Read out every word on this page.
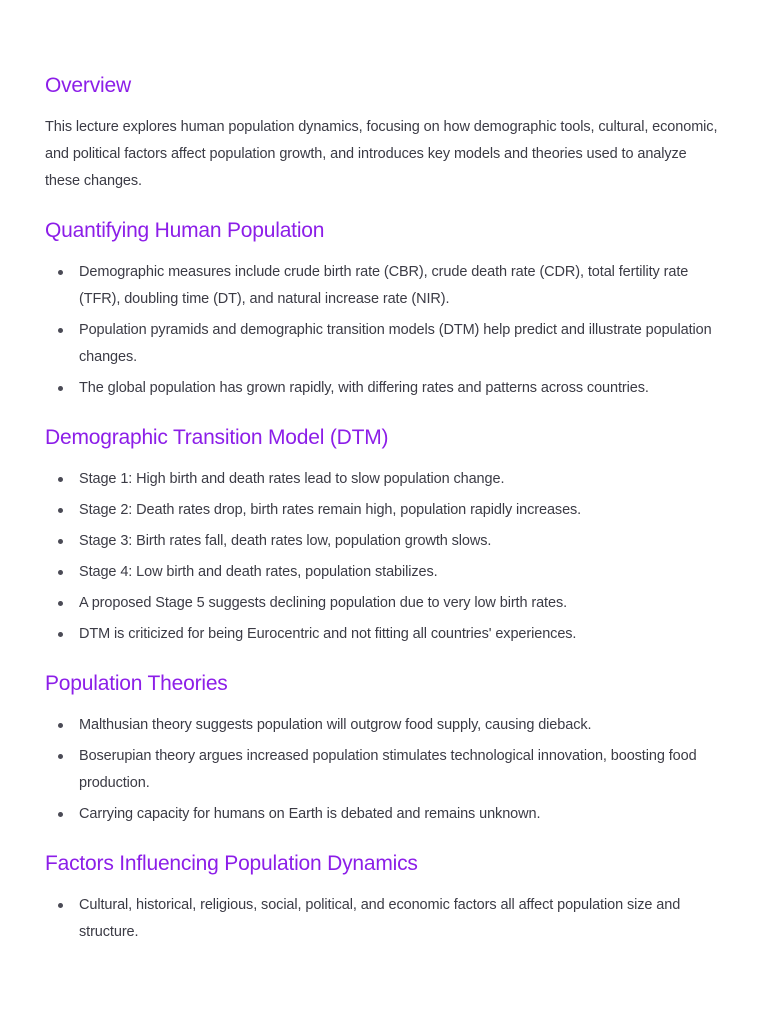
Overview

This lecture explores human population dynamics, focusing on how demographic tools, cultural, economic, and political factors affect population growth, and introduces key models and theories used to analyze these changes.

Quantifying Human Population
Demographic measures include crude birth rate (CBR), crude death rate (CDR), total fertility rate (TFR), doubling time (DT), and natural increase rate (NIR).
Population pyramids and demographic transition models (DTM) help predict and illustrate population changes.
The global population has grown rapidly, with differing rates and patterns across countries.
Demographic Transition Model (DTM)
Stage 1: High birth and death rates lead to slow population change.
Stage 2: Death rates drop, birth rates remain high, population rapidly increases.
Stage 3: Birth rates fall, death rates low, population growth slows.
Stage 4: Low birth and death rates, population stabilizes.
A proposed Stage 5 suggests declining population due to very low birth rates.
DTM is criticized for being Eurocentric and not fitting all countries' experiences.
Population Theories
Malthusian theory suggests population will outgrow food supply, causing dieback.
Boserupian theory argues increased population stimulates technological innovation, boosting food production.
Carrying capacity for humans on Earth is debated and remains unknown.
Factors Influencing Population Dynamics
Cultural, historical, religious, social, political, and economic factors all affect population size and structure.
